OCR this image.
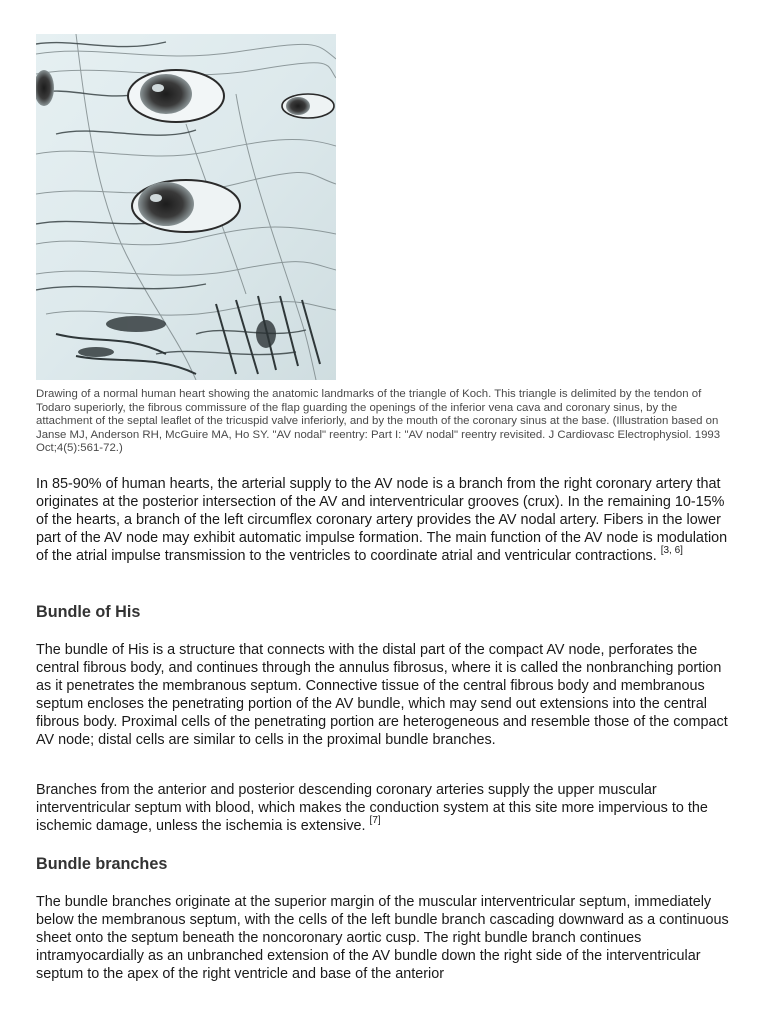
Drawing of a normal human heart showing the anatomic landmarks of the triangle of Koch. This triangle is delimited by the tendon of Todaro superiorly, the fibrous commissure of the flap guarding the openings of the inferior vena cava and coronary sinus, by the attachment of the septal leaflet of the tricuspid valve inferiorly, and by the mouth of the coronary sinus at the base. (Illustration based on Janse MJ, Anderson RH, McGuire MA, Ho SY. "AV nodal" reentry: Part I: "AV nodal" reentry revisited. J Cardiovasc Electrophysiol. 1993 Oct;4(5):561-72.)

In 85-90% of human hearts, the arterial supply to the AV node is a branch from the right coronary artery that originates at the posterior intersection of the AV and interventricular grooves (crux). In the remaining 10-15% of the hearts, a branch of the left circumflex coronary artery provides the AV nodal artery. Fibers in the lower part of the AV node may exhibit automatic impulse formation. The main function of the AV node is modulation of the atrial impulse transmission to the ventricles to coordinate atrial and ventricular contractions. [3, 6]

Bundle of His

The bundle of His is a structure that connects with the distal part of the compact AV node, perforates the central fibrous body, and continues through the annulus fibrosus, where it is called the nonbranching portion as it penetrates the membranous septum. Connective tissue of the central fibrous body and membranous septum encloses the penetrating portion of the AV bundle, which may send out extensions into the central fibrous body. Proximal cells of the penetrating portion are heterogeneous and resemble those of the compact AV node; distal cells are similar to cells in the proximal bundle branches.

Branches from the anterior and posterior descending coronary arteries supply the upper muscular interventricular septum with blood, which makes the conduction system at this site more impervious to the ischemic damage, unless the ischemia is extensive. [7]

Bundle branches

The bundle branches originate at the superior margin of the muscular interventricular septum, immediately below the membranous septum, with the cells of the left bundle branch cascading downward as a continuous sheet onto the septum beneath the noncoronary aortic cusp. The right bundle branch continues intramyocardially as an unbranched extension of the AV bundle down the right side of the interventricular septum to the apex of the right ventricle and base of the anterior
